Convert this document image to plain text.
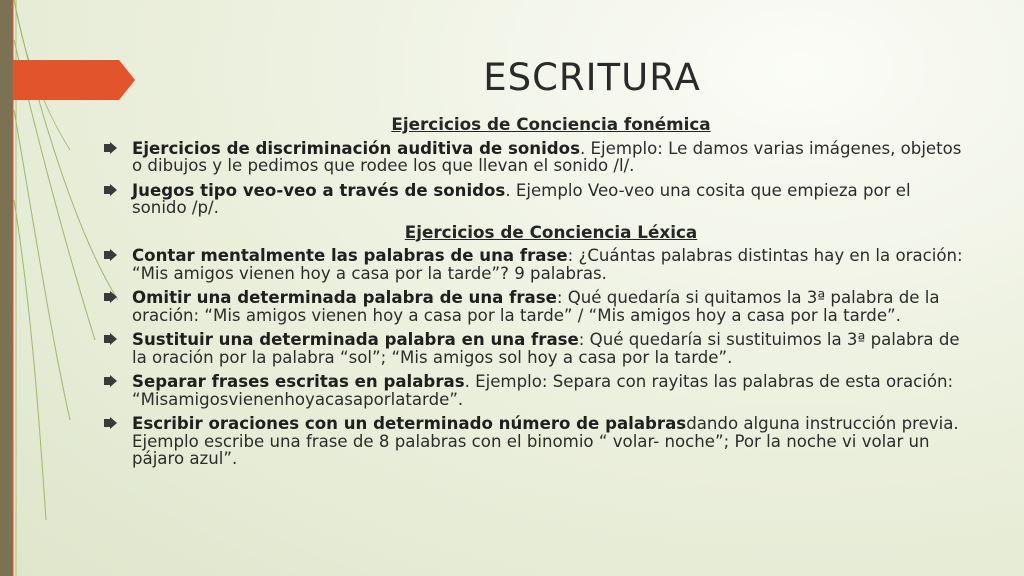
ESCRITURA
Ejercicios de Conciencia fonémica
Ejercicios de discriminación auditiva de sonidos. Ejemplo: Le damos varias imágenes, objetos o dibujos y le pedimos que rodee los que llevan el sonido /l/.
Juegos tipo veo-veo a través de sonidos. Ejemplo Veo-veo una cosita que empieza por el sonido /p/.
Ejercicios de Conciencia Léxica
Contar mentalmente las palabras de una frase: ¿Cuántas palabras distintas hay en la oración: “Mis amigos vienen hoy a casa por la tarde”? 9 palabras.
Omitir una determinada palabra de una frase: Qué quedaría si quitamos la 3ª palabra de la oración: “Mis amigos vienen hoy a casa por la tarde” / “Mis amigos hoy a casa por la tarde”.
Sustituir una determinada palabra en una frase: Qué quedaría si sustituimos la 3ª palabra de la oración por la palabra “sol”; “Mis amigos sol hoy a casa por la tarde”.
Separar frases escritas en palabras. Ejemplo: Separa con rayitas las palabras de esta oración: “Misamigosvienenhoyacasaporlatarde”.
Escribir oraciones con un determinado número de palabrasdando alguna instrucción previa. Ejemplo escribe una frase de 8 palabras con el binomio “ volar- noche”; Por la noche vi volar un pájaro azul”.
